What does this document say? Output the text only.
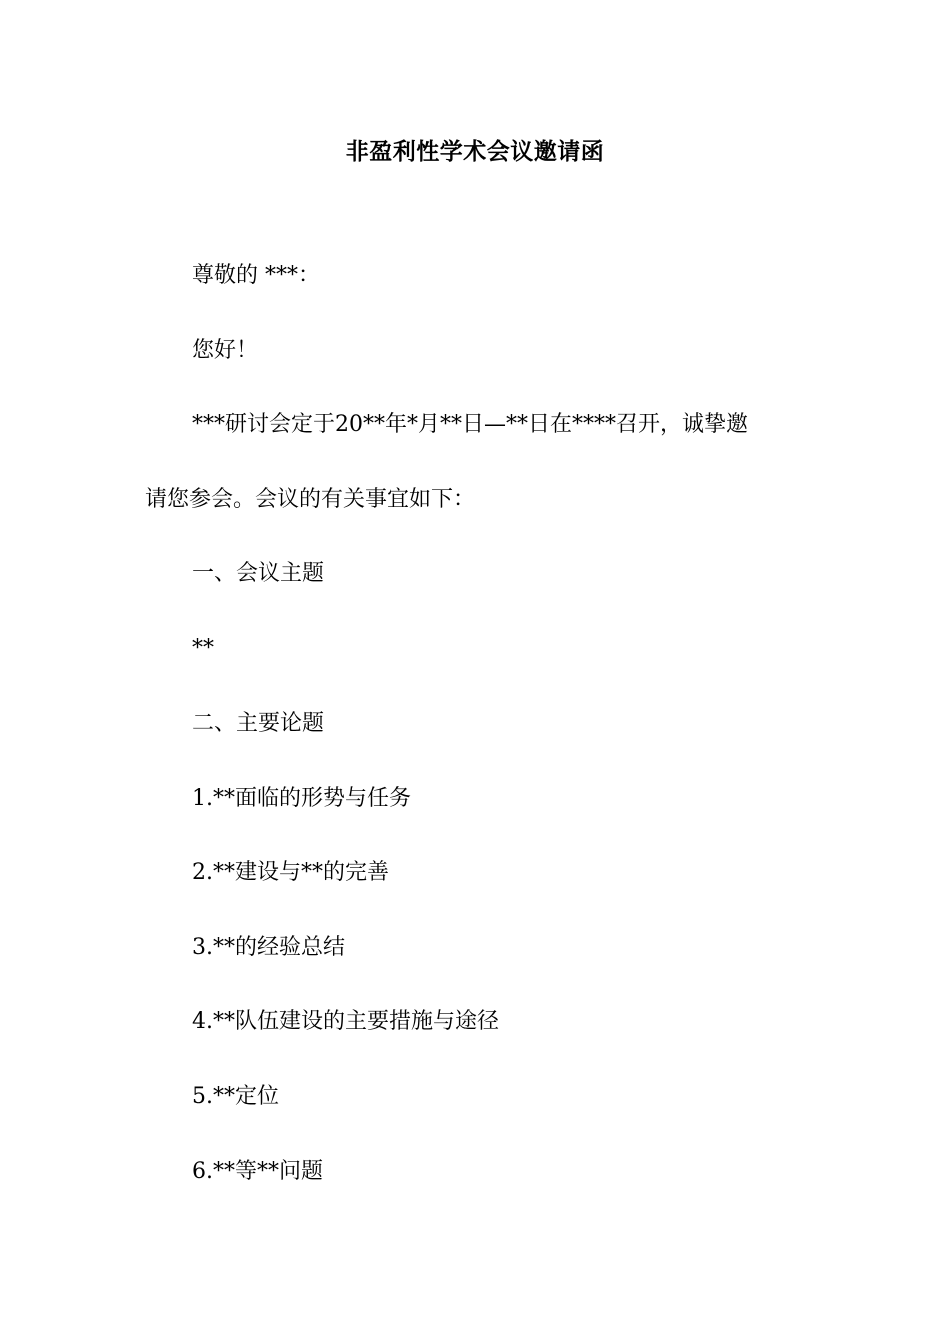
非盈利性学术会议邀请函
尊敬的 ***：
您好！
***研讨会定于20**年*月**日—**日在****召开，诚挚邀
请您参会。会议的有关事宜如下：
一、会议主题
**
二、主要论题
1.**面临的形势与任务
2.**建设与**的完善
3.**的经验总结
4.**队伍建设的主要措施与途径
5.**定位
6.**等**问题
